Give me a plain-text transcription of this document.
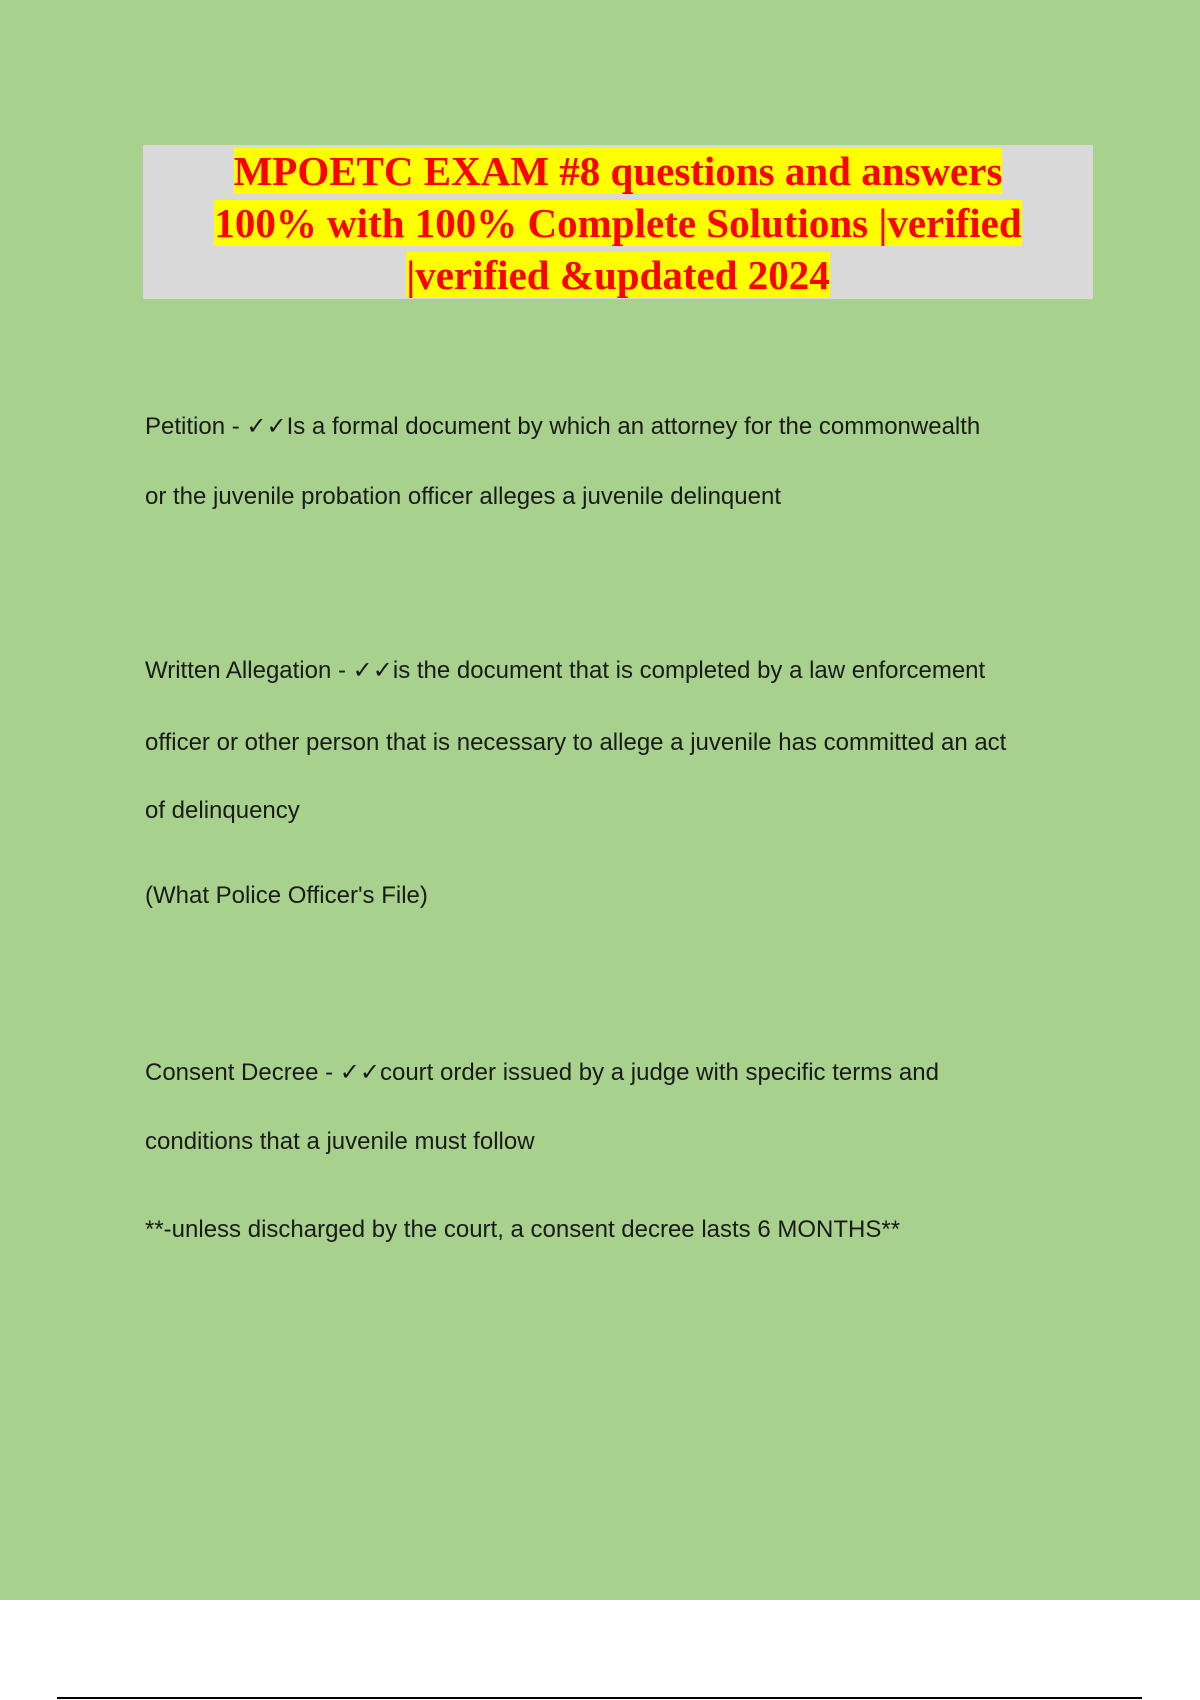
MPOETC EXAM #8 questions and answers
100% with 100% Complete Solutions |verified
|verified &updated 2024

Petition - ✓✓Is a formal document by which an attorney for the commonwealth

or the juvenile probation officer alleges a juvenile delinquent

Written Allegation - ✓✓is the document that is completed by a law enforcement

officer or other person that is necessary to allege a juvenile has committed an act

of delinquency

(What Police Officer's File)

Consent Decree - ✓✓court order issued by a judge with specific terms and

conditions that a juvenile must follow

**-unless discharged by the court, a consent decree lasts 6 MONTHS**
